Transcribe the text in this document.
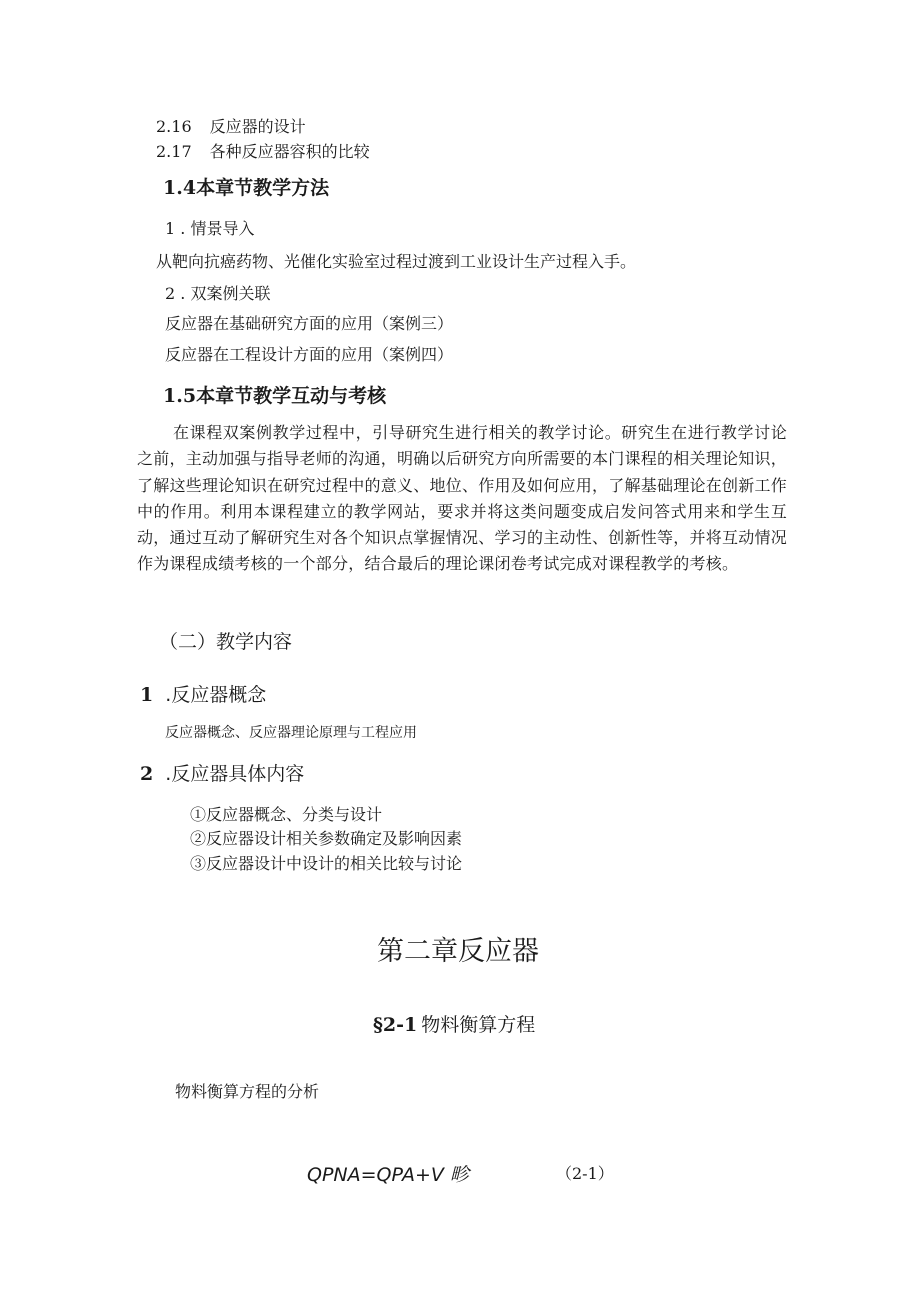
2.16 反应器的设计
2.17 各种反应器容积的比较
1.4本章节教学方法
1 . 情景导入
从靶向抗癌药物、光催化实验室过程过渡到工业设计生产过程入手。
2 . 双案例关联
反应器在基础研究方面的应用（案例三）
反应器在工程设计方面的应用（案例四）
1.5本章节教学互动与考核
在课程双案例教学过程中，引导研究生进行相关的教学讨论。研究生在进行教学讨论之前，主动加强与指导老师的沟通，明确以后研究方向所需要的本门课程的相关理论知识，了解这些理论知识在研究过程中的意义、地位、作用及如何应用，了解基础理论在创新工作中的作用。利用本课程建立的教学网站，要求并将这类问题变成启发问答式用来和学生互动，通过互动了解研究生对各个知识点掌握情况、学习的主动性、创新性等，并将互动情况作为课程成绩考核的一个部分，结合最后的理论课闭卷考试完成对课程教学的考核。
（二）教学内容
1 .反应器概念
反应器概念、反应器理论原理与工程应用
2 .反应器具体内容
①反应器概念、分类与设计
②反应器设计相关参数确定及影响因素
③反应器设计中设计的相关比较与讨论
第二章反应器
§2-1 物料衡算方程
物料衡算方程的分析
QPNA=QPA+V 畛	（2-1）
